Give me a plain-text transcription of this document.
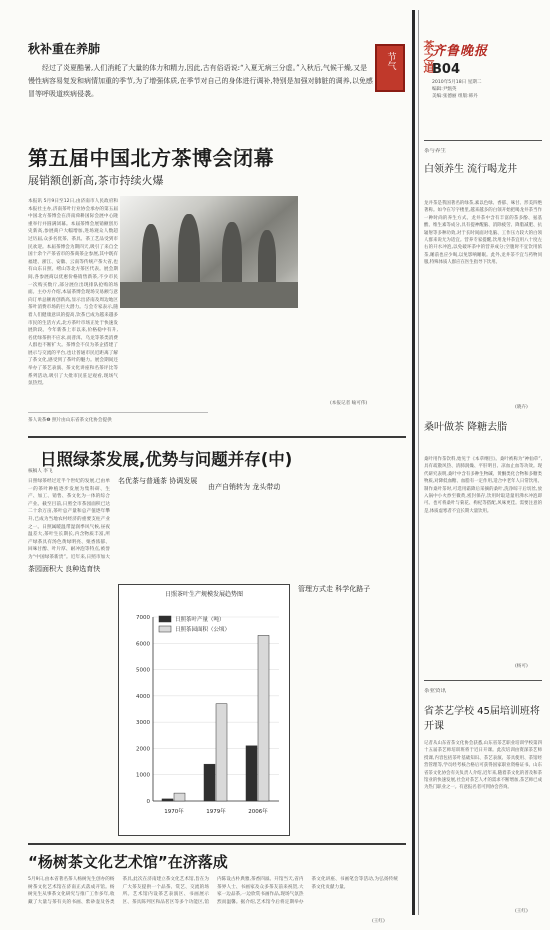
节气
齐鲁晚报
茶之道
B04
2010年5月18日 星期二
编辑:尹甄英
美编:张德丽 组版:韩丹
秋补重在养肺
经过了炎夏酷暑,人们消耗了大量的体力和精力,因此,古有俗语说:“入夏无病三分虚。”入秋后,气候干燥,又是慢性病容易复发和病情加重的季节,为了增强体质,在季节对自己的身体进行调补,特别是加强对肺脏的调养,以免感冒等呼吸道疾病侵袭。
第五届中国北方茶博会闭幕
展销额创新高,茶市持续火爆
本报讯 5月9日至12日,由济南市人民政府和本报社主办,济南茶叶行业协会承办的第五届中国北方茶博会在济南舜耕国际会展中心隆重举行并圆满闭幕。本届茶博会展销额创历史新高,参展商户大幅增加,进场观众人数超过历届,众多名优茶、茶具、茶工艺品受到市民欢迎。本届茶博会为期四天,吸引了来自全国十余个产茶省市的茶商茶企参展,其中既有福建、浙江、安徽、云南等传统产茶大省,也有山东日照、崂山等北方茶区代表。展会期间,各参展商以优惠价格销售新茶,不少市民一次购买数斤,部分展位出现排队抢购的场面。主办方介绍,本届茶博会现场交易额与意向订单总额再创新高,显示出济南及周边地区茶叶消费市场的巨大潜力。与会专家表示,随着人们健康意识的提高,饮茶已成为越来越多市民的生活方式,北方茶叶市场正处于快速发展阶段。今年新茶上市以来,价格稳中有升,名优绿茶供不应求,而普洱、乌龙等茶类消费人群也不断扩大。茶博会不仅为茶企搭建了展示与交流的平台,也让普通市民近距离了解了茶文化,感受到了茶叶的魅力。展会期间还举办了茶艺表演、茶文化讲座和名茶评比等系列活动,吸引了大批市民驻足观看,现场气氛热烈。
(本报记者 喻可伟)
茶人说茶❽ 照片由山东省茶文化协会提供
日照绿茶发展,优势与问题并存(中)
核稿人 李飞
日照绿茶经过近半个世纪的发展,已由单一的茶叶种植逐步发展为集科研、生产、加工、销售、茶文化为一体的综合产业。截至目前,日照全市茶园面积已达二十余万亩,茶叶总产量和总产值逐年攀升,已成为当地农村经济的重要支柱产业之一。日照属暖温带湿润季风气候,昼夜温差大,茶叶生长期长,内含物质丰富,所产绿茶具有汤色黄绿明亮、栗香浓郁、回味甘醇、叶片厚、耐冲泡等特点,被誉为“中国绿茶新贵”。近年来,日照市加大
茶园面积大 良种选育快
名优茶与普通茶 协调发展
由产自销转为 龙头带动
管理方式走 科学化路子
日照茶叶生产规模发展趋势图
0
1000
2000
3000
4000
5000
6000
7000
1970年	1979年	2006年
日照茶叶产量（吨）
日照茶园面积（公顷）
“杨树茶文化艺术馆”在济落成
5月9日,由本省著名茶人杨树先生创办的杨树茶文化艺术馆在济南正式落成开馆。杨树先生从事茶文化研究与推广工作多年,收藏了大量与茶有关的书画、紫砂壶及各类茶具,此次在济南建立茶文化艺术馆,旨在为广大茶友提供一个品茶、赏艺、交流的场所。艺术馆内设茶艺表演区、书画展示区、茶具陈列区和品茗区等多个功能区,馆内陈设古朴典雅,茶香四溢。开馆当天,省内茶界人士、书画家及众多茶友前来祝贺,大家一边品茶,一边欣赏书画作品,现场气氛热烈而温馨。据介绍,艺术馆今后将定期举办茶文化讲座、书画笔会等活动,为弘扬传统茶文化贡献力量。
(王红)
茶与养生
白领养生 流行喝龙井
龙井茶是我国著名的绿茶,素以色绿、香郁、味甘、形美四绝著称。如今在写字楼里,越来越多的白领开始把喝龙井茶当作一种时尚的养生方式。龙井茶中含有丰富的茶多酚、氨基酸、维生素等成分,具有提神醒脑、消除疲劳、降脂减肥、抗辐射等多种功效,对于长时间面对电脑、工作压力较大的白领人群来说尤为适宜。营养专家提醒,饮用龙井茶宜用八十度左右的开水冲泡,以免破坏茶中的营养成分;空腹时不宜饮用浓茶,睡前也应少喝,以免影响睡眠。此外,龙井茶不宜与药物同服,特殊体质人群应在医生指导下饮用。
(晓卉)
桑叶做茶 降糖去脂
桑叶用作茶饮料,始见于《本草纲目》。桑叶被称为“神仙草”,具有疏散风热、清肺润燥、平肝明目、凉血止血等功效。现代研究表明,桑叶中含有多种生物碱、黄酮类化合物和多糖类物质,对降低血糖、血脂有一定作用,适合中老年人日常饮用。制作桑叶茶时,可选用霜降后采摘的桑叶,洗净晾干后切丝,放入锅中小火炒至微黄,密封保存,饮用时取适量用沸水冲泡即可。也可将桑叶与菊花、枸杞等搭配,风味更佳。需要注意的是,体质虚寒者不宜长期大量饮用。
(杨可)
茶业资讯
省茶艺学校 45届培训班将开课
记者从山东省茶文化协会获悉,山东省茶艺职业培训学校第四十五届茶艺师培训班将于近日开课。此次培训由资深茶艺师授课,内容包括茶叶基础知识、茶艺表演、茶具使用、茶馆经营管理等,学员经考核合格后可获得国家职业资格证书。山东省茶文化协会有关负责人介绍,近年来,随着茶文化的普及和茶馆业的快速发展,社会对茶艺人才的需求不断增加,茶艺师已成为热门职业之一。有意报名者可到协会咨询。
(王红)
